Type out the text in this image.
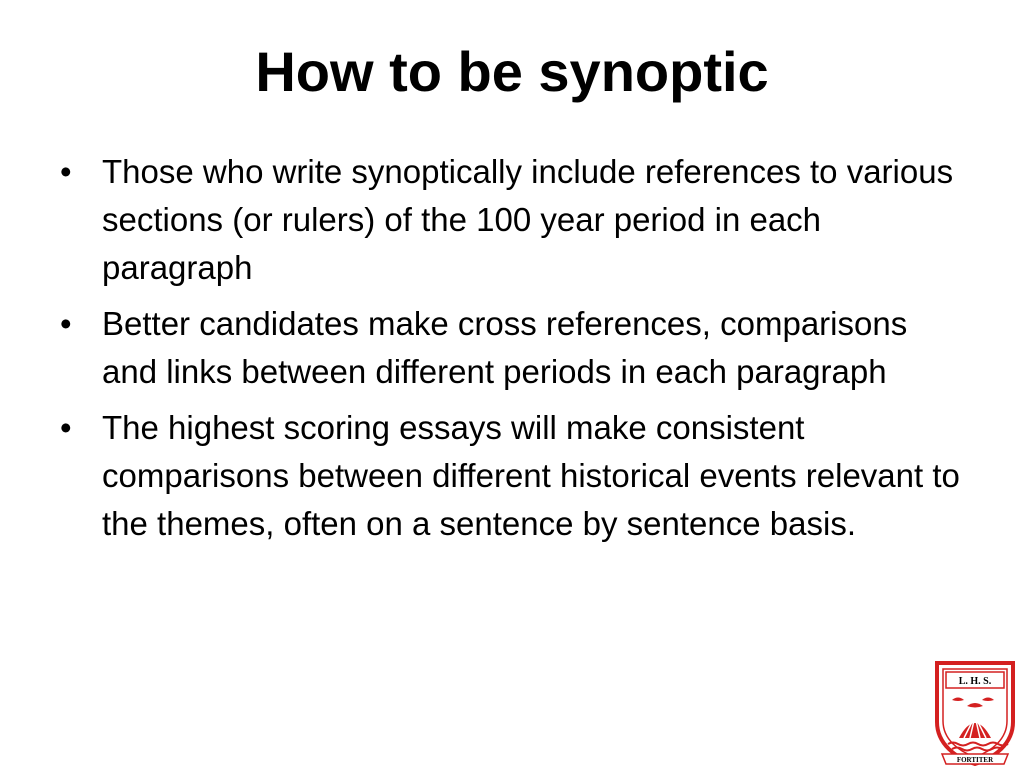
How to be synoptic
• Those who write synoptically include references to various sections (or rulers) of the 100 year period in each paragraph
• Better candidates make cross references, comparisons and links between different periods in each paragraph
• The highest scoring essays will make consistent comparisons between different historical events relevant to the themes, often on a sentence by sentence basis.
L. H. S.
FORTITER
